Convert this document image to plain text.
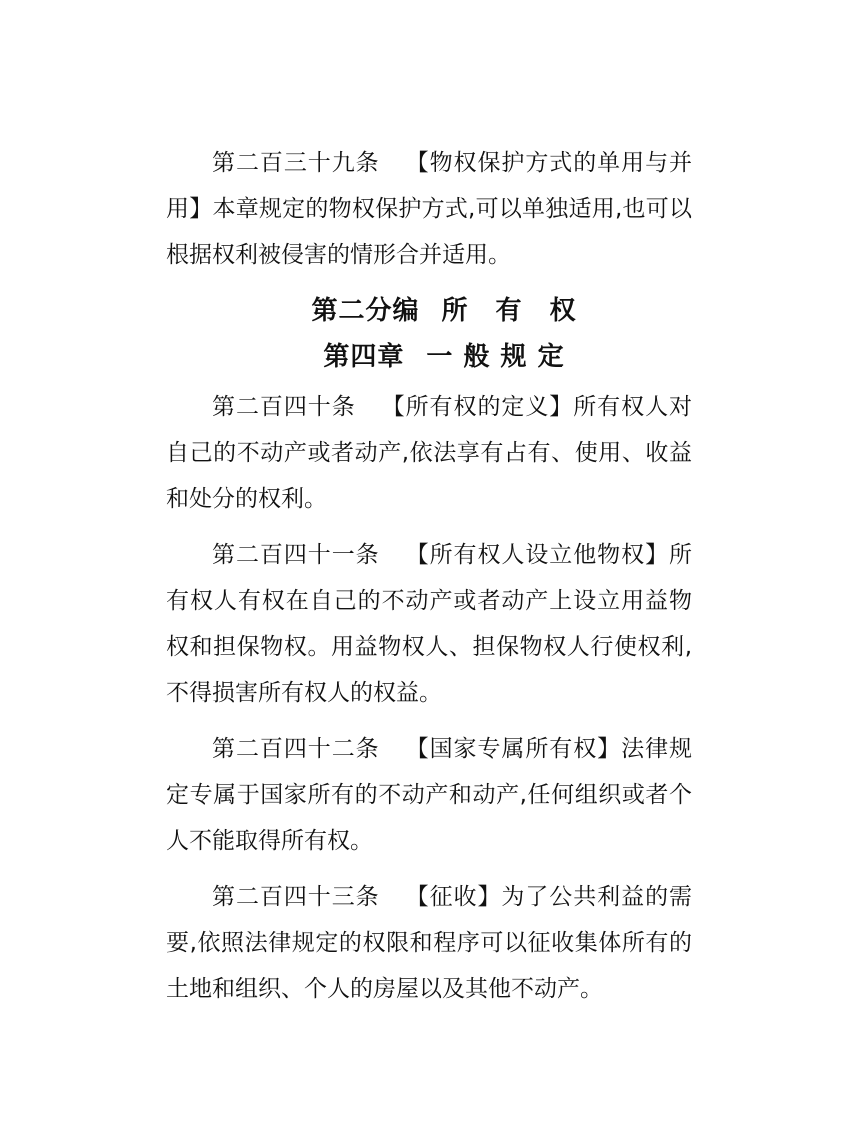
第二百三十九条 【物权保护方式的单用与并用】本章规定的物权保护方式,可以单独适用,也可以根据权利被侵害的情形合并适用。

第二分编 所　有　权
第四章 一 般 规 定

第二百四十条 【所有权的定义】所有权人对自己的不动产或者动产,依法享有占有、使用、收益和处分的权利。

第二百四十一条 【所有权人设立他物权】所有权人有权在自己的不动产或者动产上设立用益物权和担保物权。用益物权人、担保物权人行使权利,不得损害所有权人的权益。

第二百四十二条 【国家专属所有权】法律规定专属于国家所有的不动产和动产,任何组织或者个人不能取得所有权。

第二百四十三条 【征收】为了公共利益的需要,依照法律规定的权限和程序可以征收集体所有的土地和组织、个人的房屋以及其他不动产。
